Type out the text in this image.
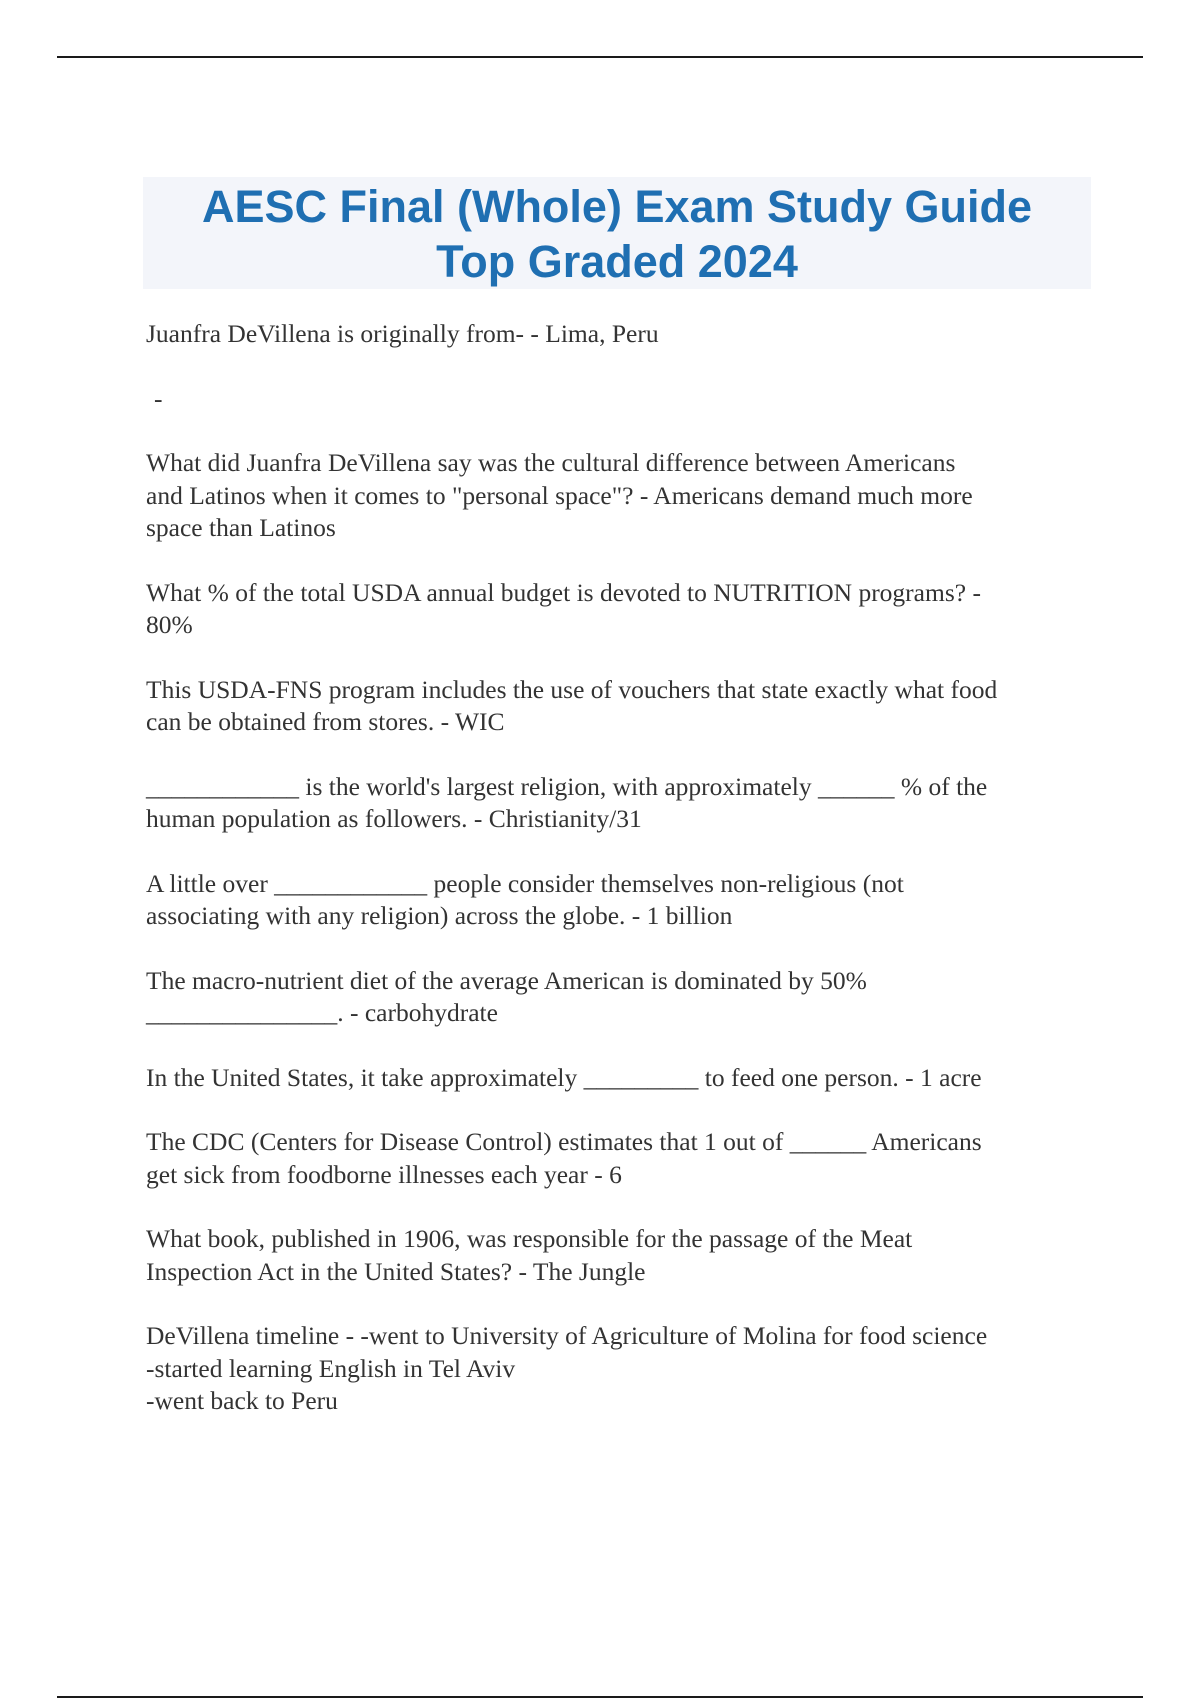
AESC Final (Whole) Exam Study Guide
Top Graded 2024

Juanfra DeVillena is originally from- - Lima, Peru

-

What did Juanfra DeVillena say was the cultural difference between Americans
and Latinos when it comes to "personal space"? - Americans demand much more
space than Latinos

What % of the total USDA annual budget is devoted to NUTRITION programs? -
80%

This USDA-FNS program includes the use of vouchers that state exactly what food
can be obtained from stores. - WIC

____________ is the world's largest religion, with approximately ______ % of the
human population as followers. - Christianity/31

A little over ____________ people consider themselves non-religious (not
associating with any religion) across the globe. - 1 billion

The macro-nutrient diet of the average American is dominated by 50%
_______________. - carbohydrate

In the United States, it take approximately _________ to feed one person. - 1 acre

The CDC (Centers for Disease Control) estimates that 1 out of ______ Americans
get sick from foodborne illnesses each year - 6

What book, published in 1906, was responsible for the passage of the Meat
Inspection Act in the United States? - The Jungle

DeVillena timeline - -went to University of Agriculture of Molina for food science
-started learning English in Tel Aviv
-went back to Peru
